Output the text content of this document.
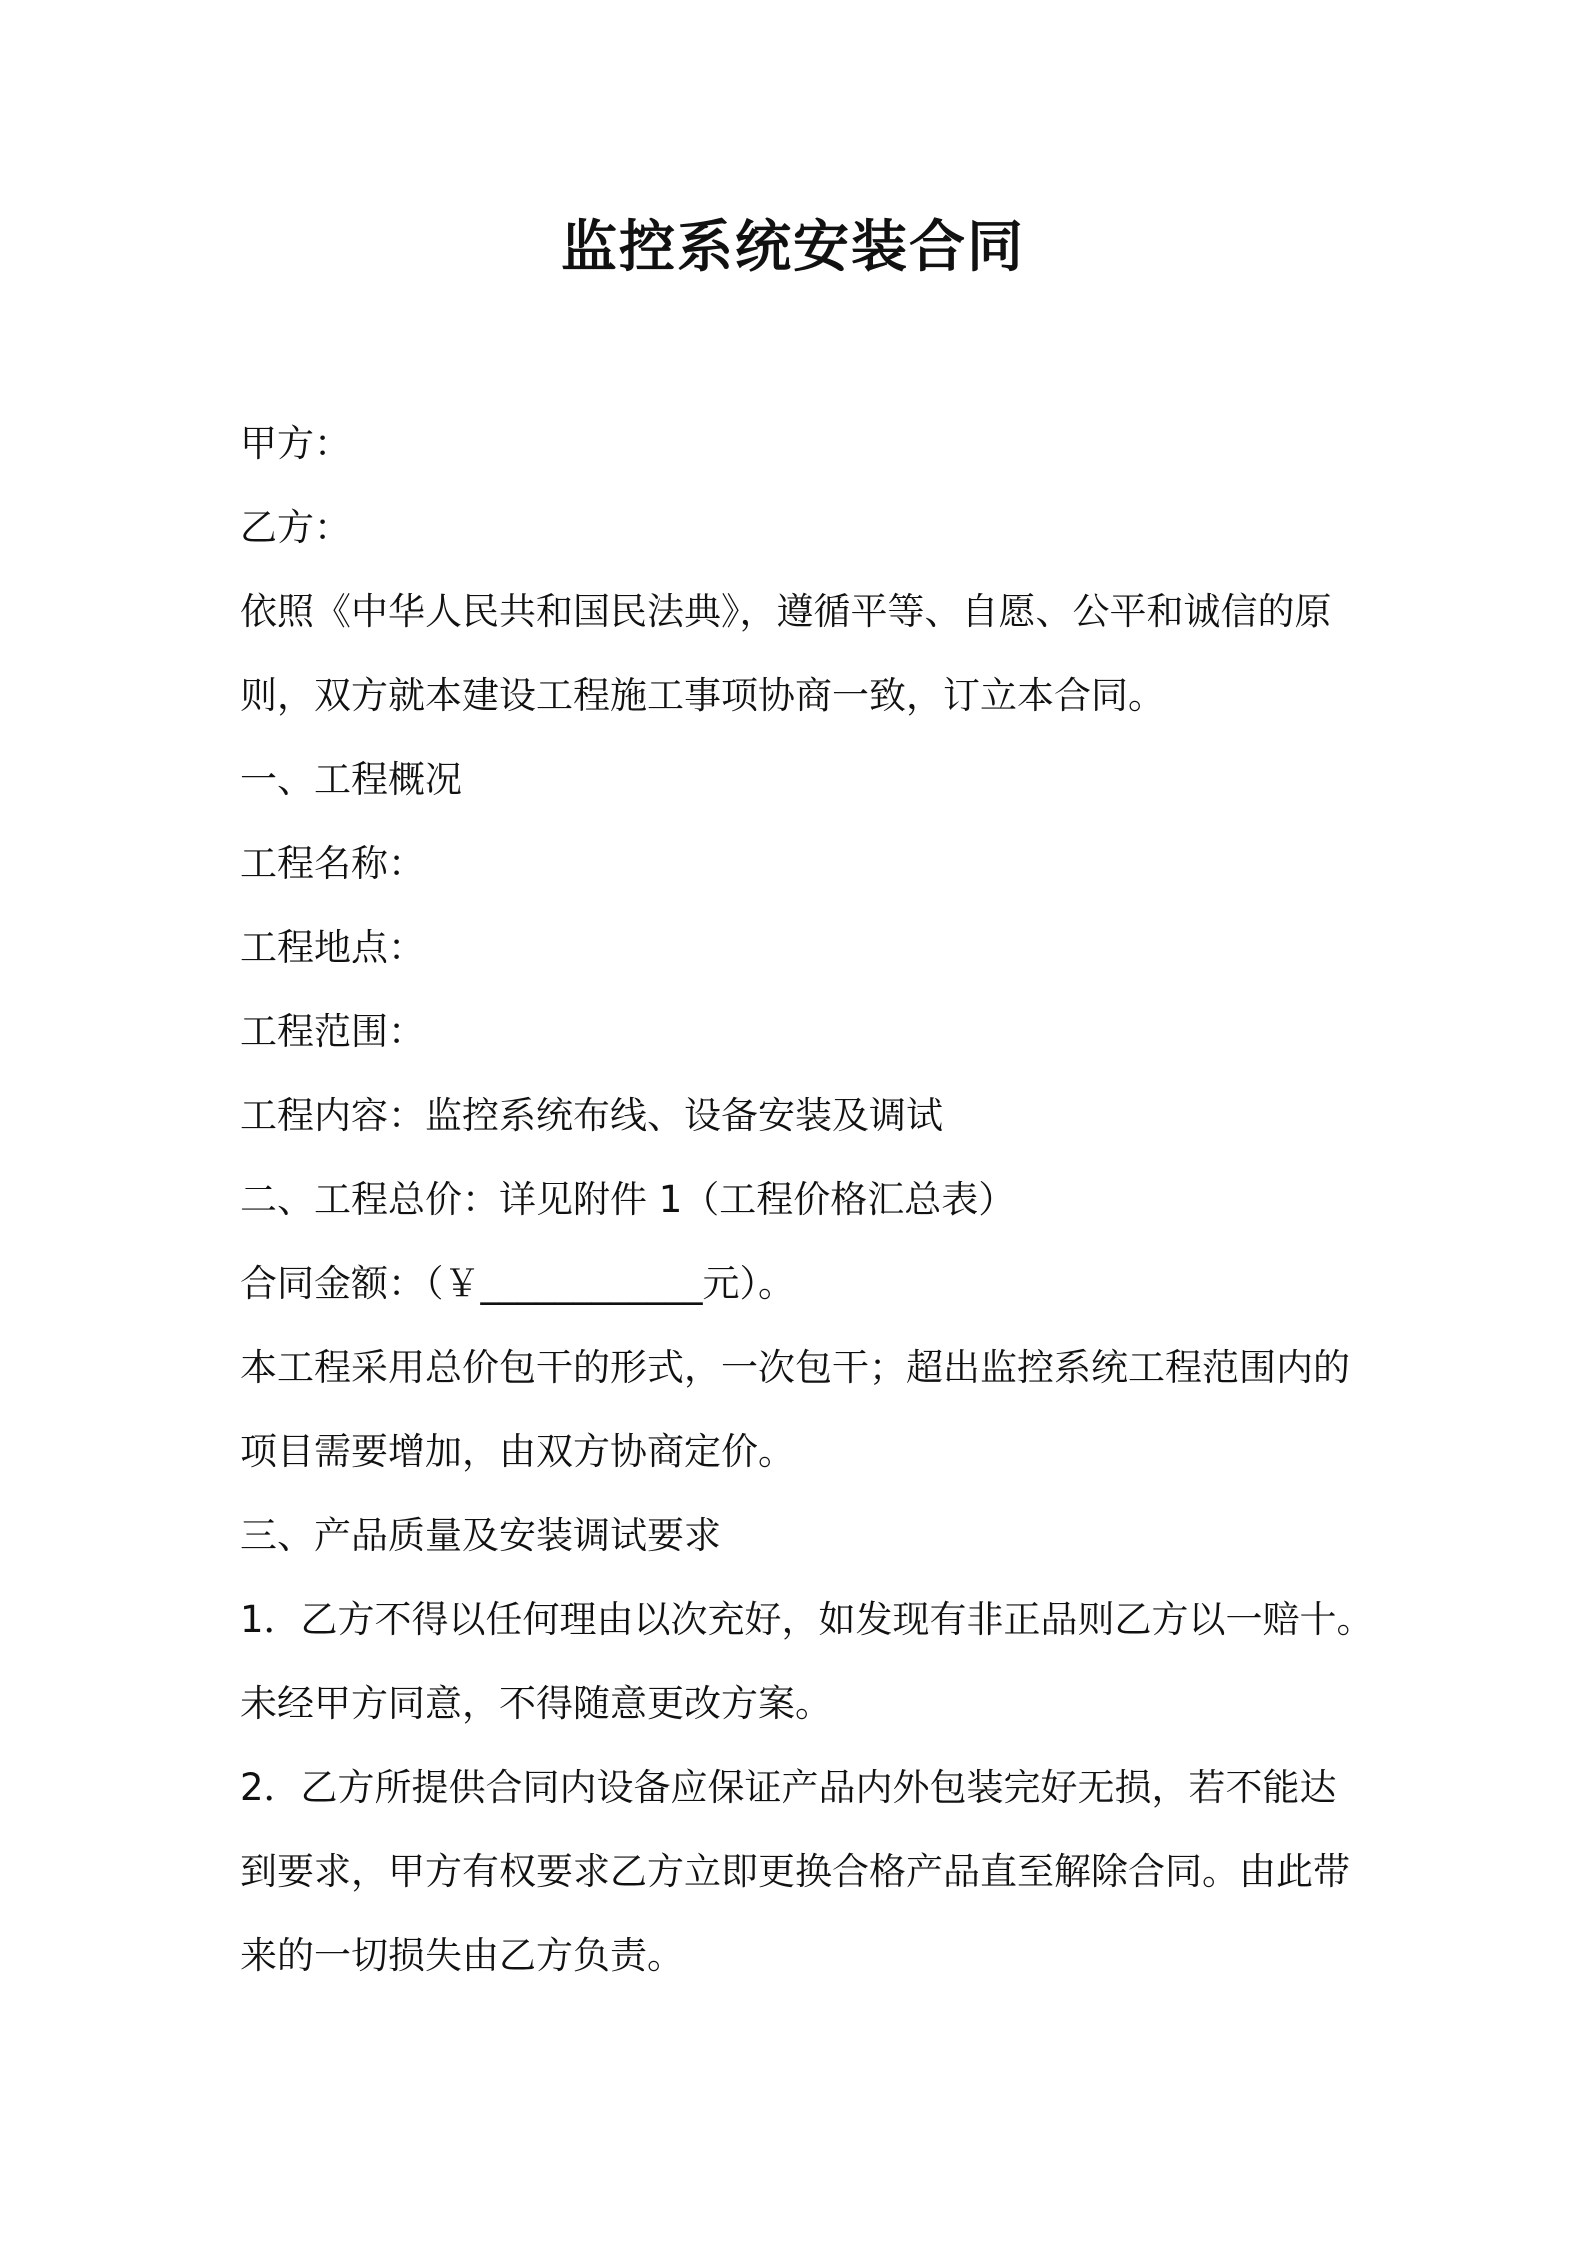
监控系统安装合同
甲方：
乙方：
依照《中华人民共和国民法典》，遵循平等、自愿、公平和诚信的原
则，双方就本建设工程施工事项协商一致，订立本合同。
一、工程概况
工程名称：
工程地点：
工程范围：
工程内容：监控系统布线、设备安装及调试
二、工程总价：详见附件 1（工程价格汇总表）
合同金额：（￥____________元）。
本工程采用总价包干的形式，一次包干；超出监控系统工程范围内的
项目需要增加，由双方协商定价。
三、产品质量及安装调试要求
1．乙方不得以任何理由以次充好，如发现有非正品则乙方以一赔十。
未经甲方同意，不得随意更改方案。
2．乙方所提供合同内设备应保证产品内外包装完好无损，若不能达
到要求，甲方有权要求乙方立即更换合格产品直至解除合同。由此带
来的一切损失由乙方负责。
